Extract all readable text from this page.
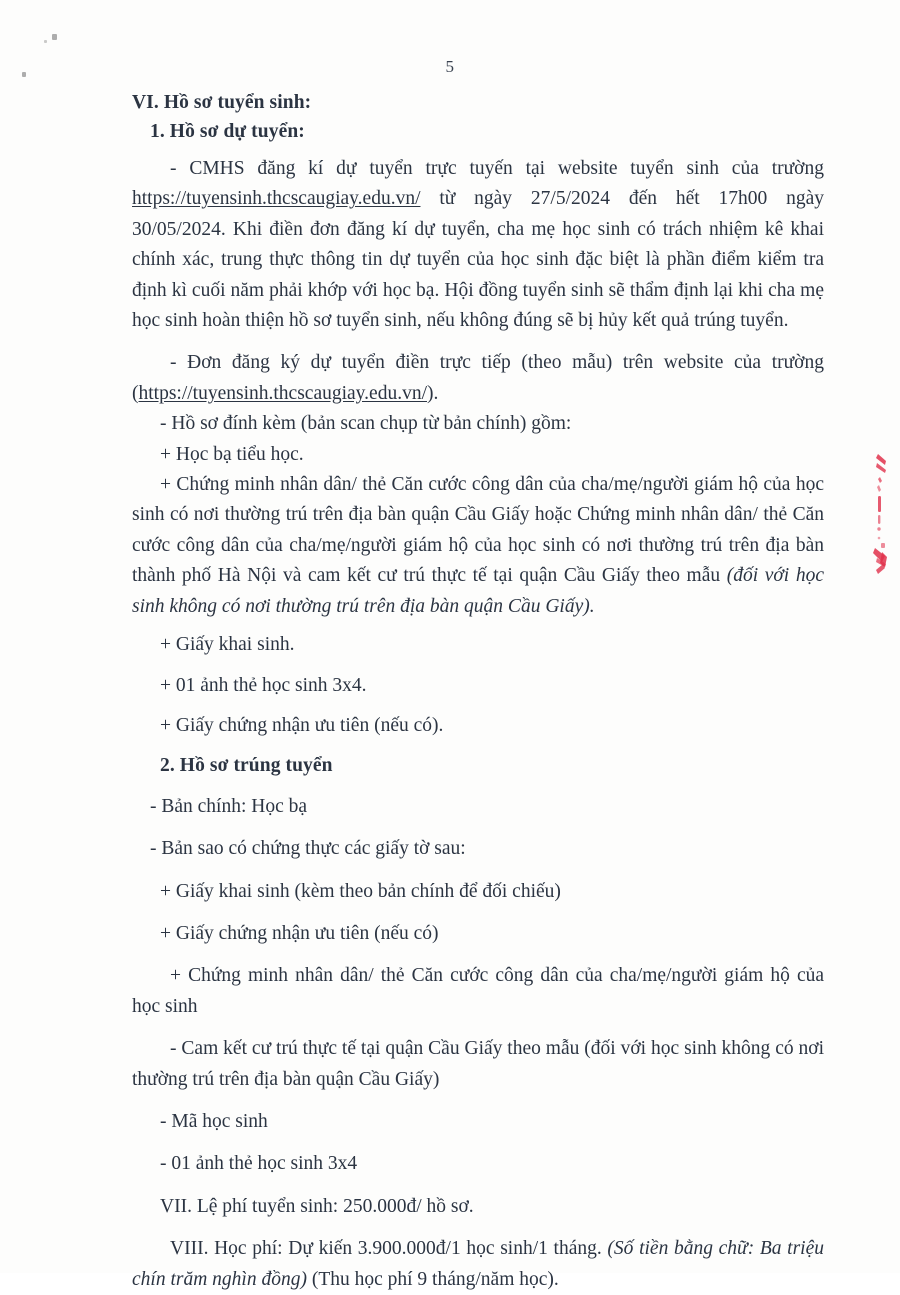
5

VI. Hồ sơ tuyển sinh:

1. Hồ sơ dự tuyển:

- CMHS đăng kí dự tuyển trực tuyến tại website tuyển sinh của trường https://tuyensinh.thcscaugiay.edu.vn/ từ ngày 27/5/2024 đến hết 17h00 ngày 30/05/2024. Khi điền đơn đăng kí dự tuyển, cha mẹ học sinh có trách nhiệm kê khai chính xác, trung thực thông tin dự tuyển của học sinh đặc biệt là phần điểm kiểm tra định kì cuối năm phải khớp với học bạ. Hội đồng tuyển sinh sẽ thẩm định lại khi cha mẹ học sinh hoàn thiện hồ sơ tuyển sinh, nếu không đúng sẽ bị hủy kết quả trúng tuyển.

- Đơn đăng ký dự tuyển điền trực tiếp (theo mẫu) trên website của trường (https://tuyensinh.thcscaugiay.edu.vn/).

- Hồ sơ đính kèm (bản scan chụp từ bản chính) gồm:

+ Học bạ tiểu học.

+ Chứng minh nhân dân/ thẻ Căn cước công dân của cha/mẹ/người giám hộ của học sinh có nơi thường trú trên địa bàn quận Cầu Giấy hoặc Chứng minh nhân dân/ thẻ Căn cước công dân của cha/mẹ/người giám hộ của học sinh có nơi thường trú trên địa bàn thành phố Hà Nội và cam kết cư trú thực tế tại quận Cầu Giấy theo mẫu (đối với học sinh không có nơi thường trú trên địa bàn quận Cầu Giấy).

+ Giấy khai sinh.

+ 01 ảnh thẻ học sinh 3x4.

+ Giấy chứng nhận ưu tiên (nếu có).

2. Hồ sơ trúng tuyển

- Bản chính: Học bạ

- Bản sao có chứng thực các giấy tờ sau:

+ Giấy khai sinh (kèm theo bản chính để đối chiếu)

+ Giấy chứng nhận ưu tiên (nếu có)

+ Chứng minh nhân dân/ thẻ Căn cước công dân của cha/mẹ/người giám hộ của học sinh

- Cam kết cư trú thực tế tại quận Cầu Giấy theo mẫu (đối với học sinh không có nơi thường trú trên địa bàn quận Cầu Giấy)

- Mã học sinh

- 01 ảnh thẻ học sinh 3x4

VII. Lệ phí tuyển sinh: 250.000đ/ hồ sơ.

VIII. Học phí: Dự kiến 3.900.000đ/1 học sinh/1 tháng. (Số tiền bằng chữ: Ba triệu chín trăm nghìn đồng) (Thu học phí 9 tháng/năm học).
